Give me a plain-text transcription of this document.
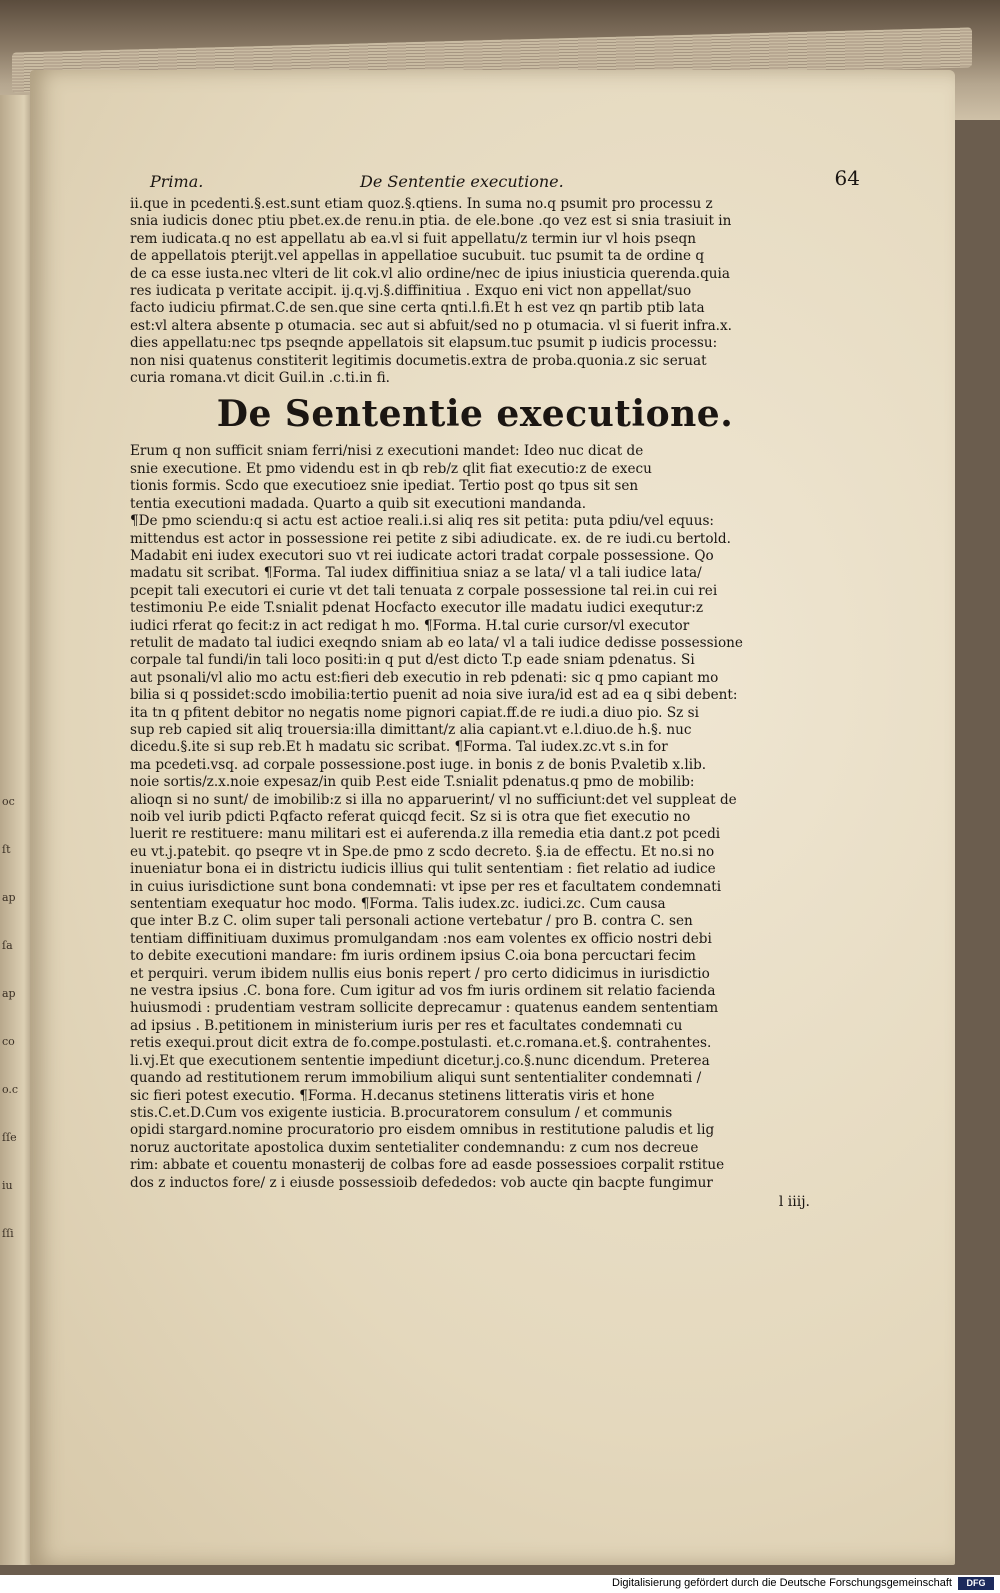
oc
ſt
ap
ſa
ap
co
o.c
ſſe
iu
ſſi
Prima.	De Sententie executione.	64

ii.que in pcedenti.§.est.sunt etiam quoz.§.qtiens. In suma no.q psumit pro processu z
snia iudicis donec ptiu pbet.ex.de renu.in ptia. de ele.bone .qo vez est si snia trasiuit in
rem iudicata.q no est appellatu ab ea.vl si fuit appellatu/z termin iur vl hois pseqn
de appellatois pterijt.vel appellas in appellatioe sucubuit. tuc psumit ta de ordine q
de ca esse iusta.nec vlteri de lit cok.vl alio ordine/nec de ipius iniusticia querenda.quia
res iudicata p veritate accipit. ij.q.vj.§.diffinitiua . Exquo eni vict non appellat/suo
facto iudiciu pfirmat.C.de sen.que sine certa qnti.l.fi.Et h est vez qn partib ptib lata
est:vl altera absente p otumacia. sec aut si abfuit/sed no p otumacia. vl si fuerit infra.x.
dies appellatu:nec tps pseqnde appellatois sit elapsum.tuc psumit p iudicis processu:
non nisi quatenus constiterit legitimis documetis.extra de proba.quonia.z sic seruat
curia romana.vt dicit Guil.in .c.ti.in fi.

De Sententie executione.

Erum q non sufficit sniam ferri/nisi z executioni mandet: Ideo nuc dicat de
snie executione. Et pmo videndu est in qb reb/z qlit fiat executio:z de execu
tionis formis. Scdo que executioez snie ipediat. Tertio post qo tpus sit sen
tentia executioni madada. Quarto a quib sit executioni mandanda.
¶De pmo sciendu:q si actu est actioe reali.i.si aliq res sit petita: puta pdiu/vel equus:
mittendus est actor in possessione rei petite z sibi adiudicate. ex. de re iudi.cu bertold.
Madabit eni iudex executori suo vt rei iudicate actori tradat corpale possessione. Qo
madatu sit scribat. ¶Forma. Tal iudex diffinitiua sniaz a se lata/ vl a tali iudice lata/
pcepit tali executori ei curie vt det tali tenuata z corpale possessione tal rei.in cui rei
testimoniu P.e eide T.snialit pdenat Hocfacto executor ille madatu iudici exequtur:z
iudici rferat qo fecit:z in act redigat h mo. ¶Forma. H.tal curie cursor/vl executor
retulit de madato tal iudici exeqndo sniam ab eo lata/ vl a tali iudice dedisse possessione
corpale tal fundi/in tali loco positi:in q put d/est dicto T.p eade sniam pdenatus. Si
aut psonali/vl alio mo actu est:fieri deb executio in reb pdenati: sic q pmo capiant mo
bilia si q possidet:scdo imobilia:tertio puenit ad noia sive iura/id est ad ea q sibi debent:
ita tn q pfitent debitor no negatis nome pignori capiat.ff.de re iudi.a diuo pio. Sz si
sup reb capied sit aliq trouersia:illa dimittant/z alia capiant.vt e.l.diuo.de h.§. nuc
dicedu.§.ite si sup reb.Et h madatu sic scribat. ¶Forma. Tal iudex.zc.vt s.in for
ma pcedeti.vsq. ad corpale possessione.post iuge. in bonis z de bonis P.valetib x.lib.
noie sortis/z.x.noie expesaz/in quib P.est eide T.snialit pdenatus.q pmo de mobilib:
alioqn si no sunt/ de imobilib:z si illa no apparuerint/ vl no sufficiunt:det vel suppleat de
noib vel iurib pdicti P.qfacto referat quicqd fecit. Sz si is otra que fiet executio no
luerit re restituere: manu militari est ei auferenda.z illa remedia etia dant.z pot pcedi
eu vt.j.patebit. qo pseqre vt in Spe.de pmo z scdo decreto. §.ia de effectu. Et no.si no
inueniatur bona ei in districtu iudicis illius qui tulit sententiam : fiet relatio ad iudice
in cuius iurisdictione sunt bona condemnati: vt ipse per res et facultatem condemnati
sententiam exequatur hoc modo. ¶Forma. Talis iudex.zc. iudici.zc. Cum causa
que inter B.z C. olim super tali personali actione vertebatur / pro B. contra C. sen
tentiam diffinitiuam duximus promulgandam :nos eam volentes ex officio nostri debi
to debite executioni mandare: fm iuris ordinem ipsius C.oia bona percuctari fecim
et perquiri. verum ibidem nullis eius bonis repert / pro certo didicimus in iurisdictio
ne vestra ipsius .C. bona fore. Cum igitur ad vos fm iuris ordinem sit relatio facienda
huiusmodi : prudentiam vestram sollicite deprecamur : quatenus eandem sententiam
ad ipsius . B.petitionem in ministerium iuris per res et facultates condemnati cu
retis exequi.prout dicit extra de fo.compe.postulasti. et.c.romana.et.§. contrahentes.
li.vj.Et que executionem sententie impediunt dicetur.j.co.§.nunc dicendum. Preterea
quando ad restitutionem rerum immobilium aliqui sunt sententialiter condemnati /
sic fieri potest executio. ¶Forma. H.decanus stetinens litteratis viris et hone
stis.C.et.D.Cum vos exigente iusticia. B.procuratorem consulum / et communis
opidi stargard.nomine procuratorio pro eisdem omnibus in restitutione paludis et lig
noruz auctoritate apostolica duxim sentetialiter condemnandu: z cum nos decreue
rim: abbate et couentu monasterij de colbas fore ad easde possessioes corpalit rstitue
dos z inductos fore/ z i eiusde possessioib defededos: vob aucte qin bacpte fungimur

l iiij.
Digitalisierung gefördert durch die Deutsche Forschungsgemeinschaft	DFG
